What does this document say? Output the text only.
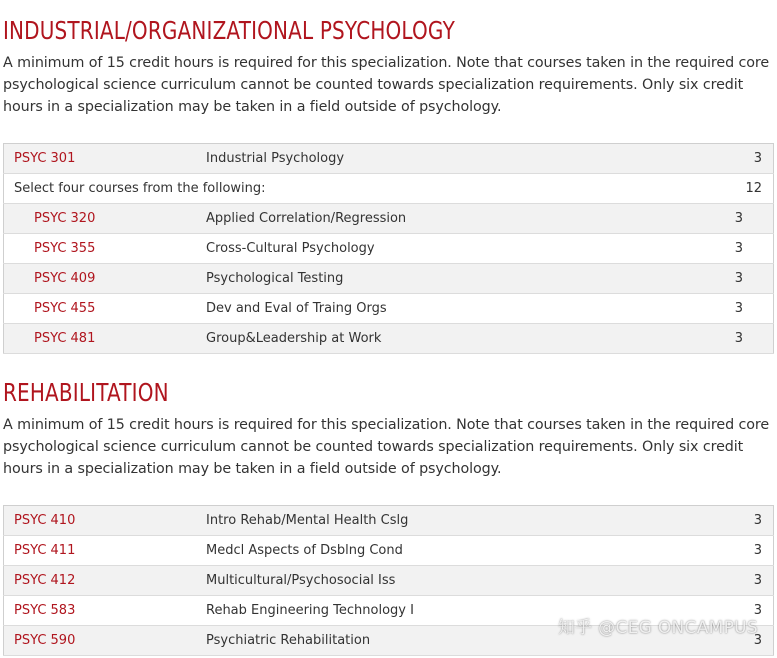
INDUSTRIAL/ORGANIZATIONAL PSYCHOLOGY

A minimum of 15 credit hours is required for this specialization. Note that courses taken in the required core psychological science curriculum cannot be counted towards specialization requirements. Only six credit hours in a specialization may be taken in a field outside of psychology.

PSYC 301	Industrial Psychology	3
Select four courses from the following:		12
PSYC 320	Applied Correlation/Regression	3
PSYC 355	Cross-Cultural Psychology	3
PSYC 409	Psychological Testing	3
PSYC 455	Dev and Eval of Traing Orgs	3
PSYC 481	Group&Leadership at Work	3
REHABILITATION

A minimum of 15 credit hours is required for this specialization. Note that courses taken in the required core psychological science curriculum cannot be counted towards specialization requirements. Only six credit hours in a specialization may be taken in a field outside of psychology.

PSYC 410	Intro Rehab/Mental Health Cslg	3
PSYC 411	Medcl Aspects of Dsblng Cond	3
PSYC 412	Multicultural/Psychosocial Iss	3
PSYC 583	Rehab Engineering Technology I	3
PSYC 590	Psychiatric Rehabilitation	3
知乎 @CEG ONCAMPUS
